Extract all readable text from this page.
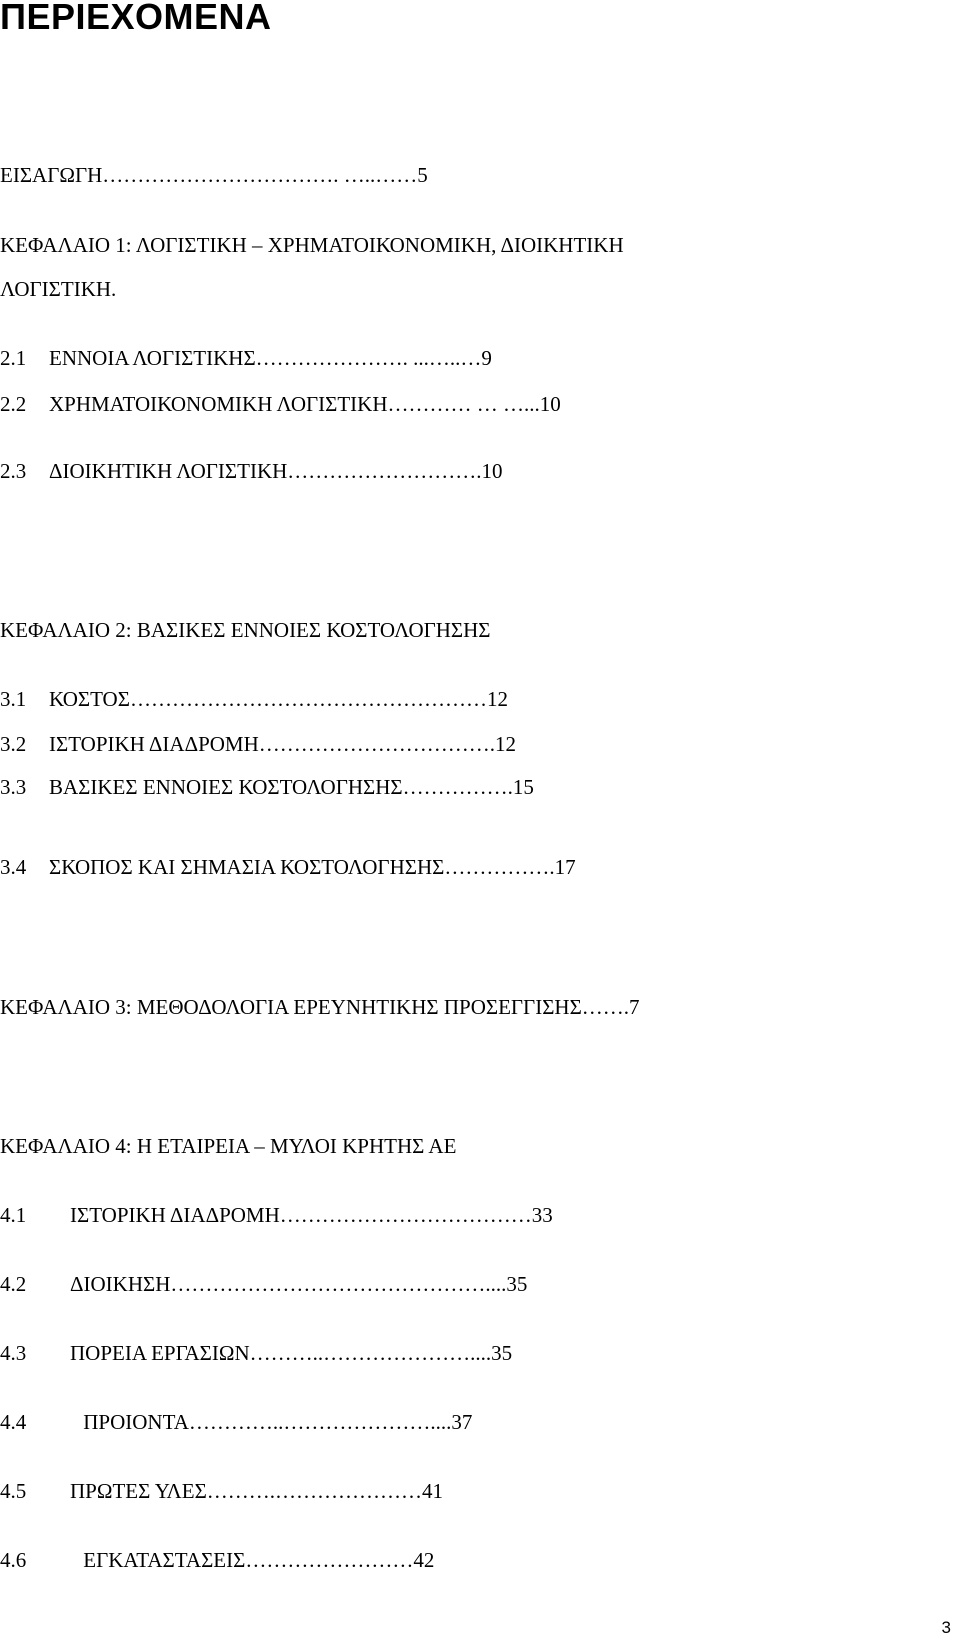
ΠΕΡΙΕΧΟΜΕΝΑ
ΕΙΣΑΓΩΓΗ……………………………. …..……5
ΚΕΦΑΛΑΙΟ 1: ΛΟΓΙΣΤΙΚΗ – ΧΡΗΜΑΤΟΙΚΟΝΟΜΙΚΗ, ΔΙΟΙΚΗΤΙΚΗ
ΛΟΓΙΣΤΙΚΗ.
2.1 ΕΝΝΟΙΑ ΛΟΓΙΣΤΙΚΗΣ…………………. ...…..…9
2.2 ΧΡΗΜΑΤΟΙΚΟΝΟΜΙΚΗ ΛΟΓΙΣΤΙΚΗ………… … …...10
2.3 ΔΙΟΙΚΗΤΙΚΗ ΛΟΓΙΣΤΙΚΗ……………………….10
ΚΕΦΑΛΑΙΟ 2: ΒΑΣΙΚΕΣ ΕΝΝΟΙΕΣ ΚΟΣΤΟΛΟΓΗΣΗΣ
3.1 ΚΟΣΤΟΣ……………………………………………12
3.2 ΙΣΤΟΡΙΚΗ ΔΙΑΔΡΟΜΗ…………………………….12
3.3 ΒΑΣΙΚΕΣ ΕΝΝΟΙΕΣ ΚΟΣΤΟΛΟΓΗΣΗΣ…………….15
3.4 ΣΚΟΠΟΣ ΚΑΙ ΣΗΜΑΣΙΑ ΚΟΣΤΟΛΟΓΗΣΗΣ…………….17
ΚΕΦΑΛΑΙΟ 3: ΜΕΘΟΔΟΛΟΓΙΑ ΕΡΕΥΝΗΤΙΚΗΣ ΠΡΟΣΕΓΓΙΣΗΣ…….7
ΚΕΦΑΛΑΙΟ 4: Η ΕΤΑΙΡΕΙΑ – ΜΥΛΟΙ ΚΡΗΤΗΣ ΑΕ
4.1 ΙΣΤΟΡΙΚΗ ΔΙΑΔΡΟΜΗ………………………………33
4.2 ΔΙΟΙΚΗΣΗ………………………………………....35
4.3 ΠΟΡΕΙΑ ΕΡΓΑΣΙΩΝ………..…………………....35
4.4 ΠΡΟΙΟΝΤΑ…………..…………………....37
4.5 ΠΡΩΤΕΣ ΥΛΕΣ……….…………………41
4.6 ΕΓΚΑΤΑΣΤΑΣΕΙΣ……………………42
3
